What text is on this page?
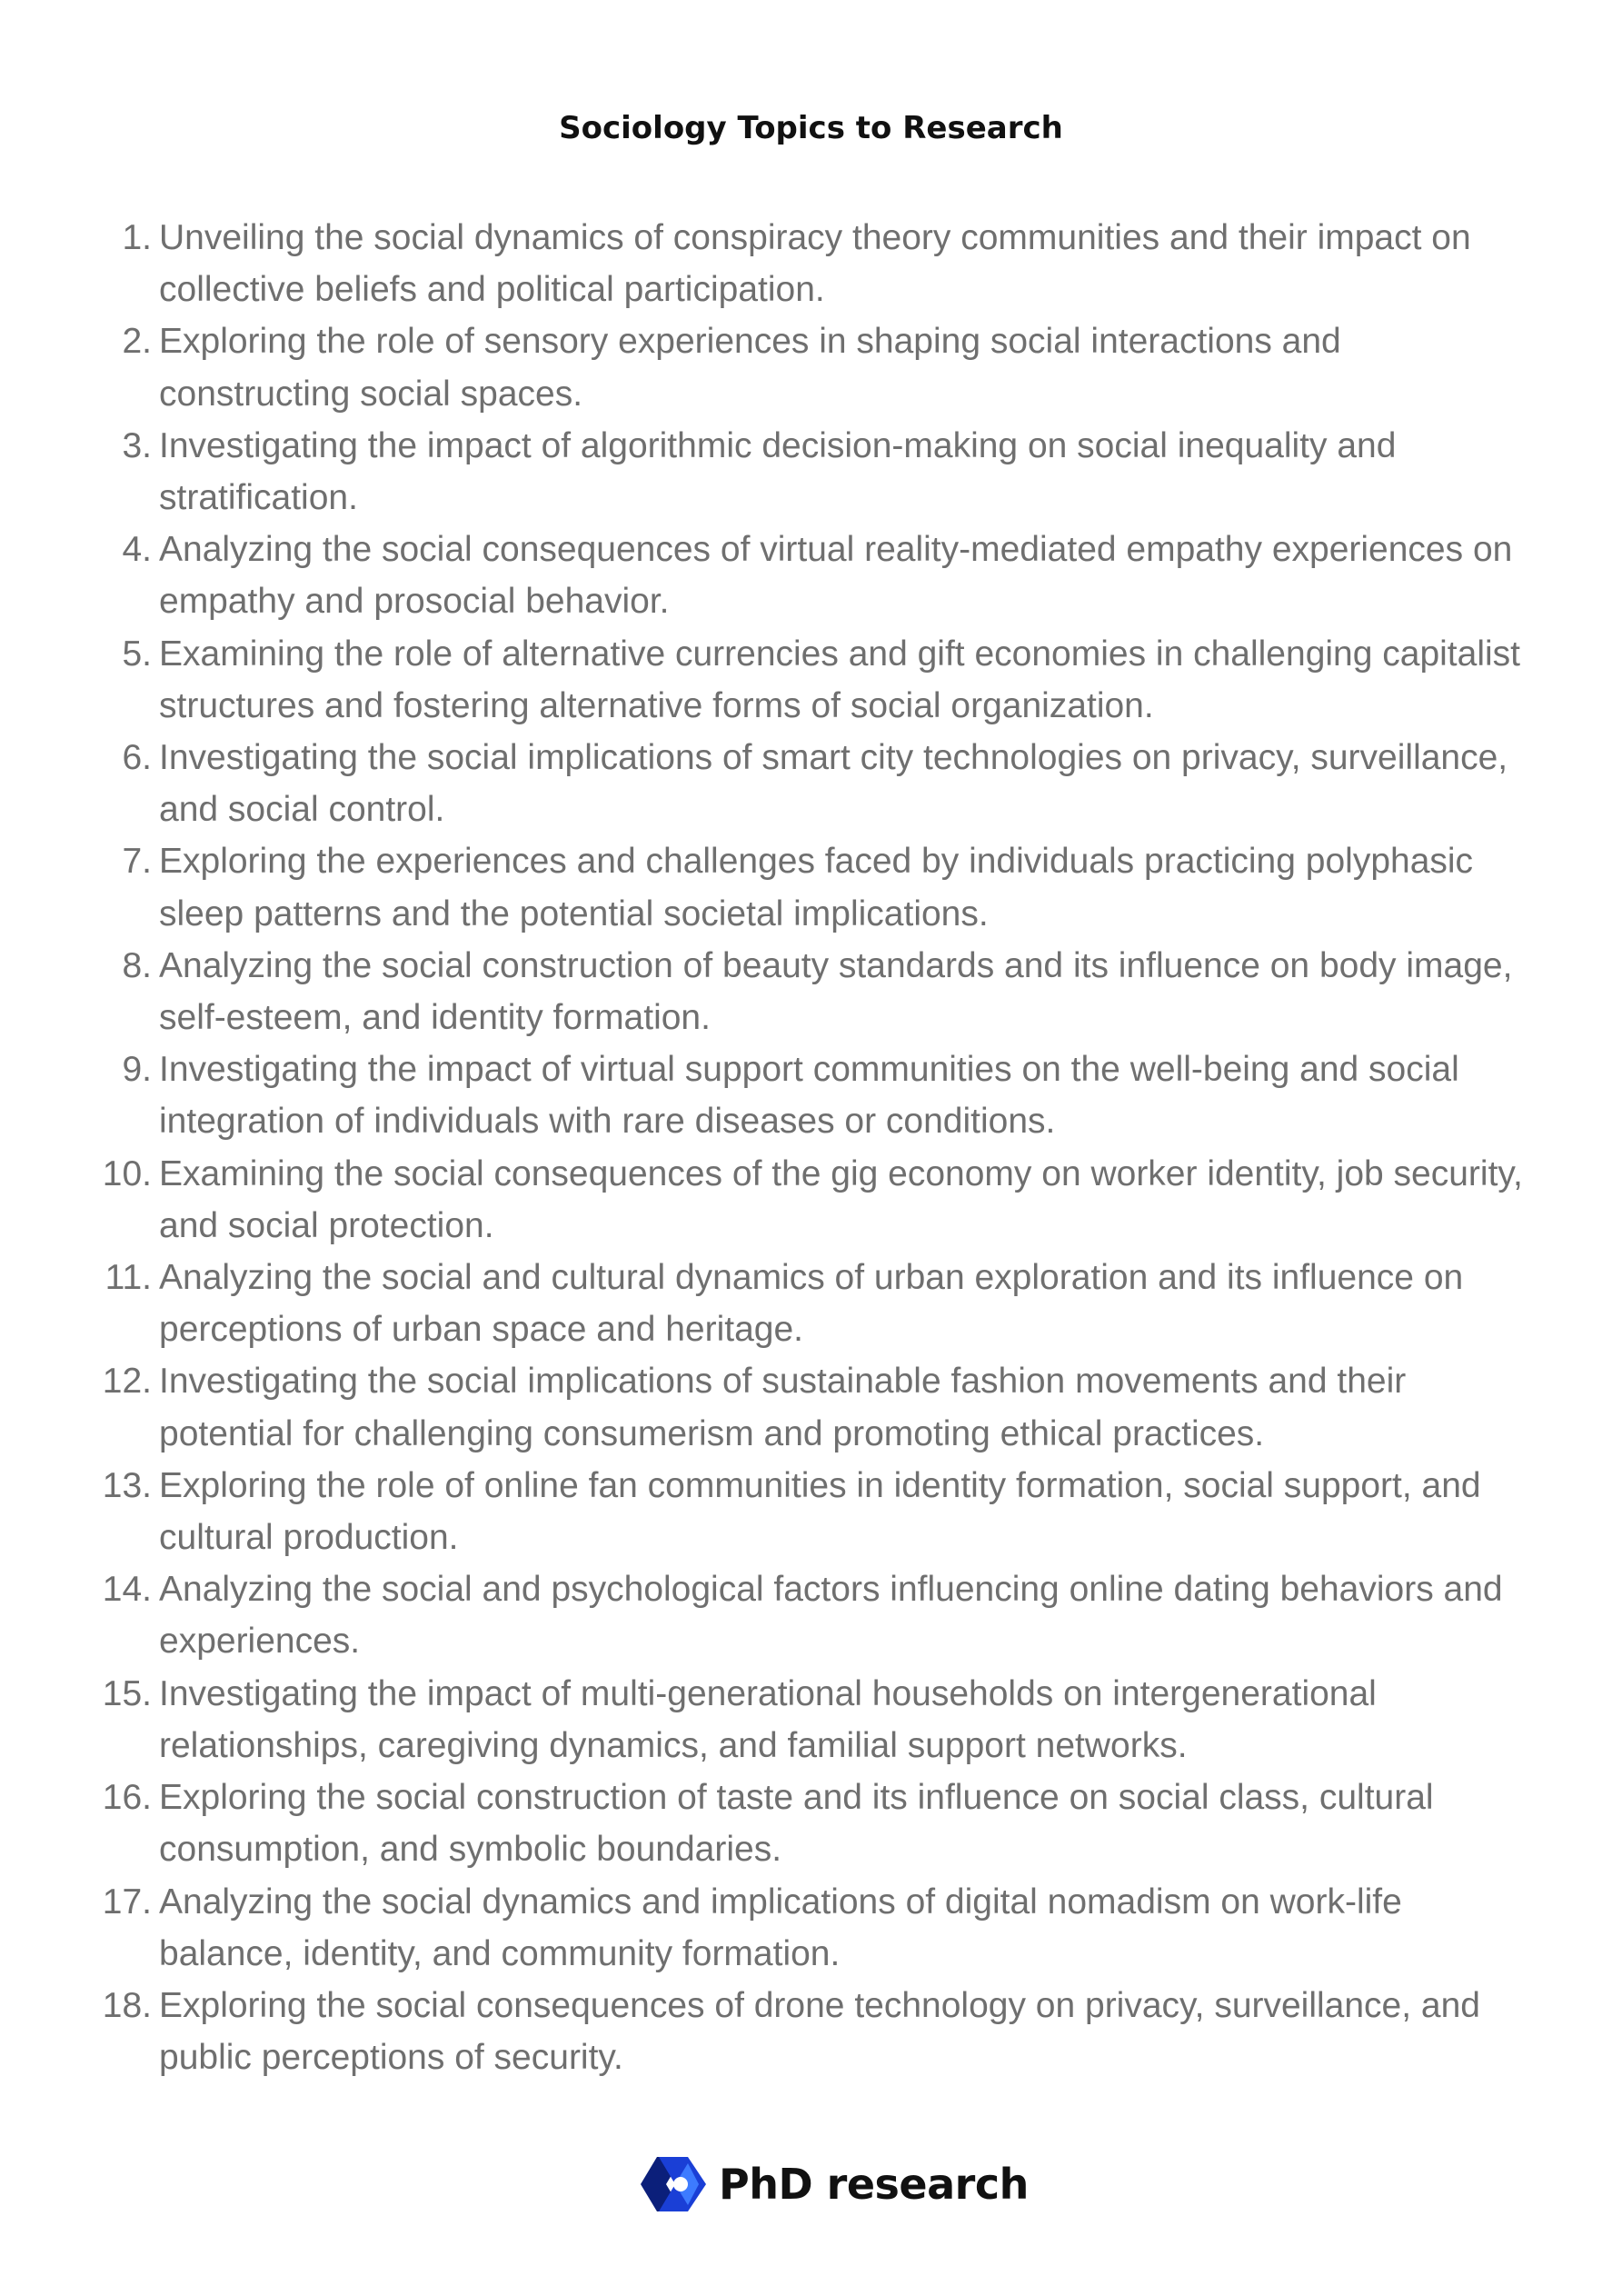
Sociology Topics to Research
1. Unveiling the social dynamics of conspiracy theory communities and their impact on collective beliefs and political participation.
2. Exploring the role of sensory experiences in shaping social interactions and constructing social spaces.
3. Investigating the impact of algorithmic decision-making on social inequality and stratification.
4. Analyzing the social consequences of virtual reality-mediated empathy experiences on empathy and prosocial behavior.
5. Examining the role of alternative currencies and gift economies in challenging capitalist structures and fostering alternative forms of social organization.
6. Investigating the social implications of smart city technologies on privacy, surveillance, and social control.
7. Exploring the experiences and challenges faced by individuals practicing polyphasic sleep patterns and the potential societal implications.
8. Analyzing the social construction of beauty standards and its influence on body image, self-esteem, and identity formation.
9. Investigating the impact of virtual support communities on the well-being and social integration of individuals with rare diseases or conditions.
10. Examining the social consequences of the gig economy on worker identity, job security, and social protection.
11. Analyzing the social and cultural dynamics of urban exploration and its influence on perceptions of urban space and heritage.
12. Investigating the social implications of sustainable fashion movements and their potential for challenging consumerism and promoting ethical practices.
13. Exploring the role of online fan communities in identity formation, social support, and cultural production.
14. Analyzing the social and psychological factors influencing online dating behaviors and experiences.
15. Investigating the impact of multi-generational households on intergenerational relationships, caregiving dynamics, and familial support networks.
16. Exploring the social construction of taste and its influence on social class, cultural consumption, and symbolic boundaries.
17. Analyzing the social dynamics and implications of digital nomadism on work-life balance, identity, and community formation.
18. Exploring the social consequences of drone technology on privacy, surveillance, and public perceptions of security.
PhD research
